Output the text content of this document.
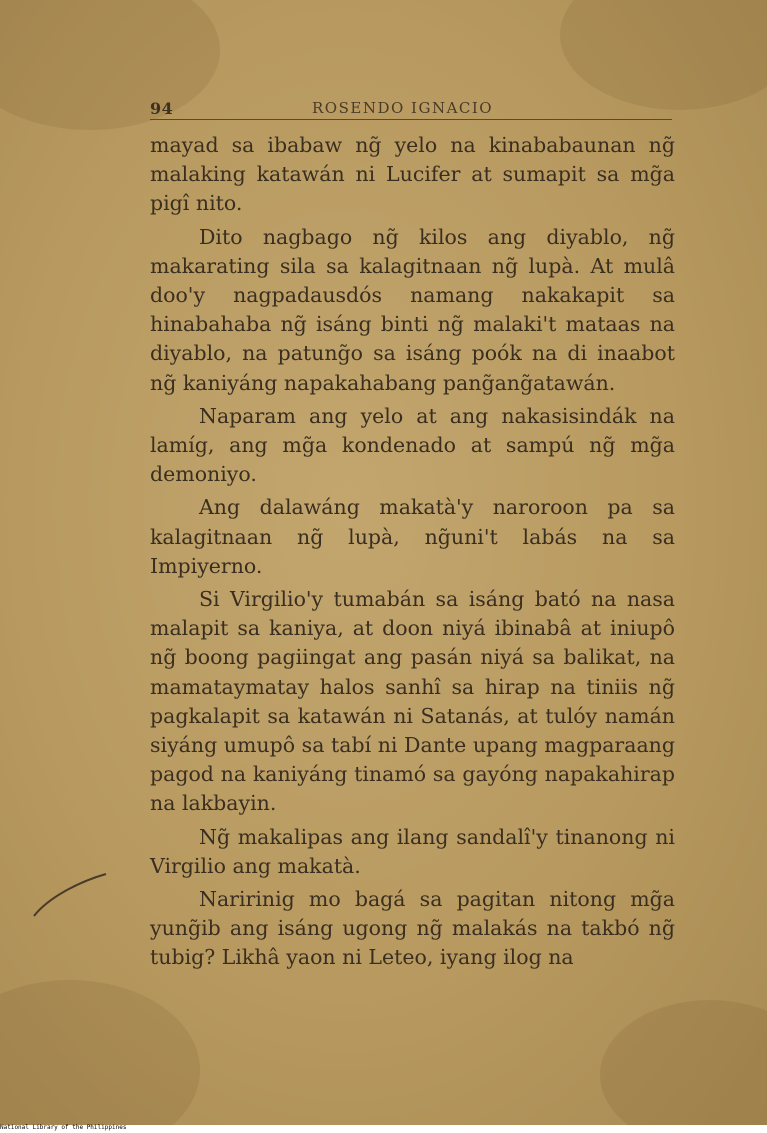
94	ROSENDO IGNACIO

mayad sa ibabaw ng̃ yelo na kinababaunan ng̃ malaking katawán ni Lucifer at sumapit sa mg̃a pigî nito.

Dito nagbago ng̃ kilos ang diyablo, ng̃ makarating sila sa kalagitnaan ng̃ lupà. At mulâ doo'y nagpadausdós namang nakakapit sa hinabahaba ng̃ isáng binti ng̃ malaki't mataas na diyablo, na patung̃o sa isáng poók na di inaabot ng̃ kaniyáng napakahabang pang̃ang̃atawán.

Naparam ang yelo at ang nakasisindák na lamíg, ang mg̃a kondenado at sampú ng̃ mg̃a demoniyo.

Ang dalawáng makatà'y naroroon pa sa kalagitnaan ng̃ lupà, ng̃uni't labás na sa Impiyerno.

Si Virgilio'y tumabán sa isáng bató na nasa malapit sa kaniya, at doon niyá ibinabâ at iniupô ng̃ boong pagiingat ang pasán niyá sa balikat, na mamataymatay halos sanhî sa hirap na tiniis ng̃ pagkalapit sa katawán ni Satanás, at tulóy namán siyáng umupô sa tabí ni Dante upang magparaang pagod na kaniyáng tinamó sa gayóng napakahirap na lakbayin.

Ng̃ makalipas ang ilang sandalî'y tinanong ni Virgilio ang makatà.

Naririnig mo bagá sa pagitan nitong mg̃a yung̃ib ang isáng ugong ng̃ malakás na takbó ng̃ tubig? Likhâ yaon ni Leteo, iyang ilog na

National Library of the Philippines
